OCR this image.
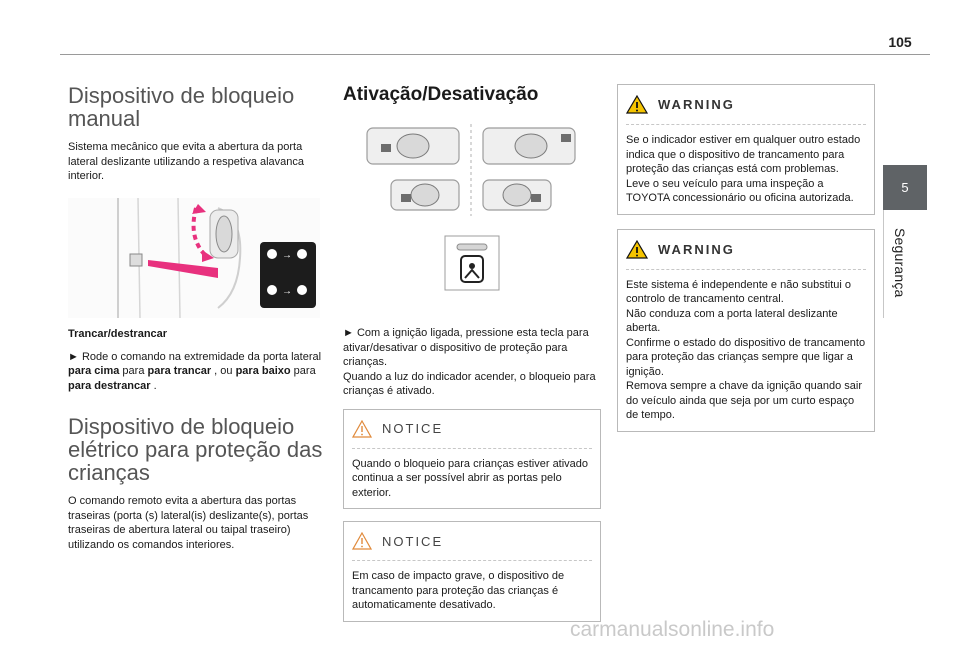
105
5
Segurança
Dispositivo de bloqueio manual

Sistema mecânico que evita a abertura da porta lateral deslizante utilizando a respetiva alavanca interior.

→
→
Trancar/destrancar

► Rode o comando na extremidade da porta lateral para cima para para trancar , ou para baixo para para destrancar .

Dispositivo de bloqueio elétrico para proteção das crianças

O comando remoto evita a abertura das portas traseiras (porta (s) lateral(is) deslizante(s), portas traseiras de abertura lateral ou taipal traseiro) utilizando os comandos interiores.

Ativação/Desativação

► Com a ignição ligada, pressione esta tecla para ativar/desativar o dispositivo de proteção para crianças.

Quando a luz do indicador acender, o bloqueio para crianças é ativado.

NOTICE

Quando o bloqueio para crianças estiver ativado continua a ser possível abrir as portas pelo exterior.

NOTICE

Em caso de impacto grave, o dispositivo de trancamento para proteção das crianças é automaticamente desativado.

WARNING

Se o indicador estiver em qualquer outro estado indica que o dispositivo de trancamento para proteção das crianças está com problemas.

Leve o seu veículo para uma inspeção a TOYOTA concessionário ou oficina autorizada.

WARNING

Este sistema é independente e não substitui o controlo de trancamento central.

Não conduza com a porta lateral deslizante aberta.

Confirme o estado do dispositivo de trancamento para proteção das crianças sempre que ligar a ignição.

Remova sempre a chave da ignição quando sair do veículo ainda que seja por um curto espaço de tempo.

carmanualsonline.info
